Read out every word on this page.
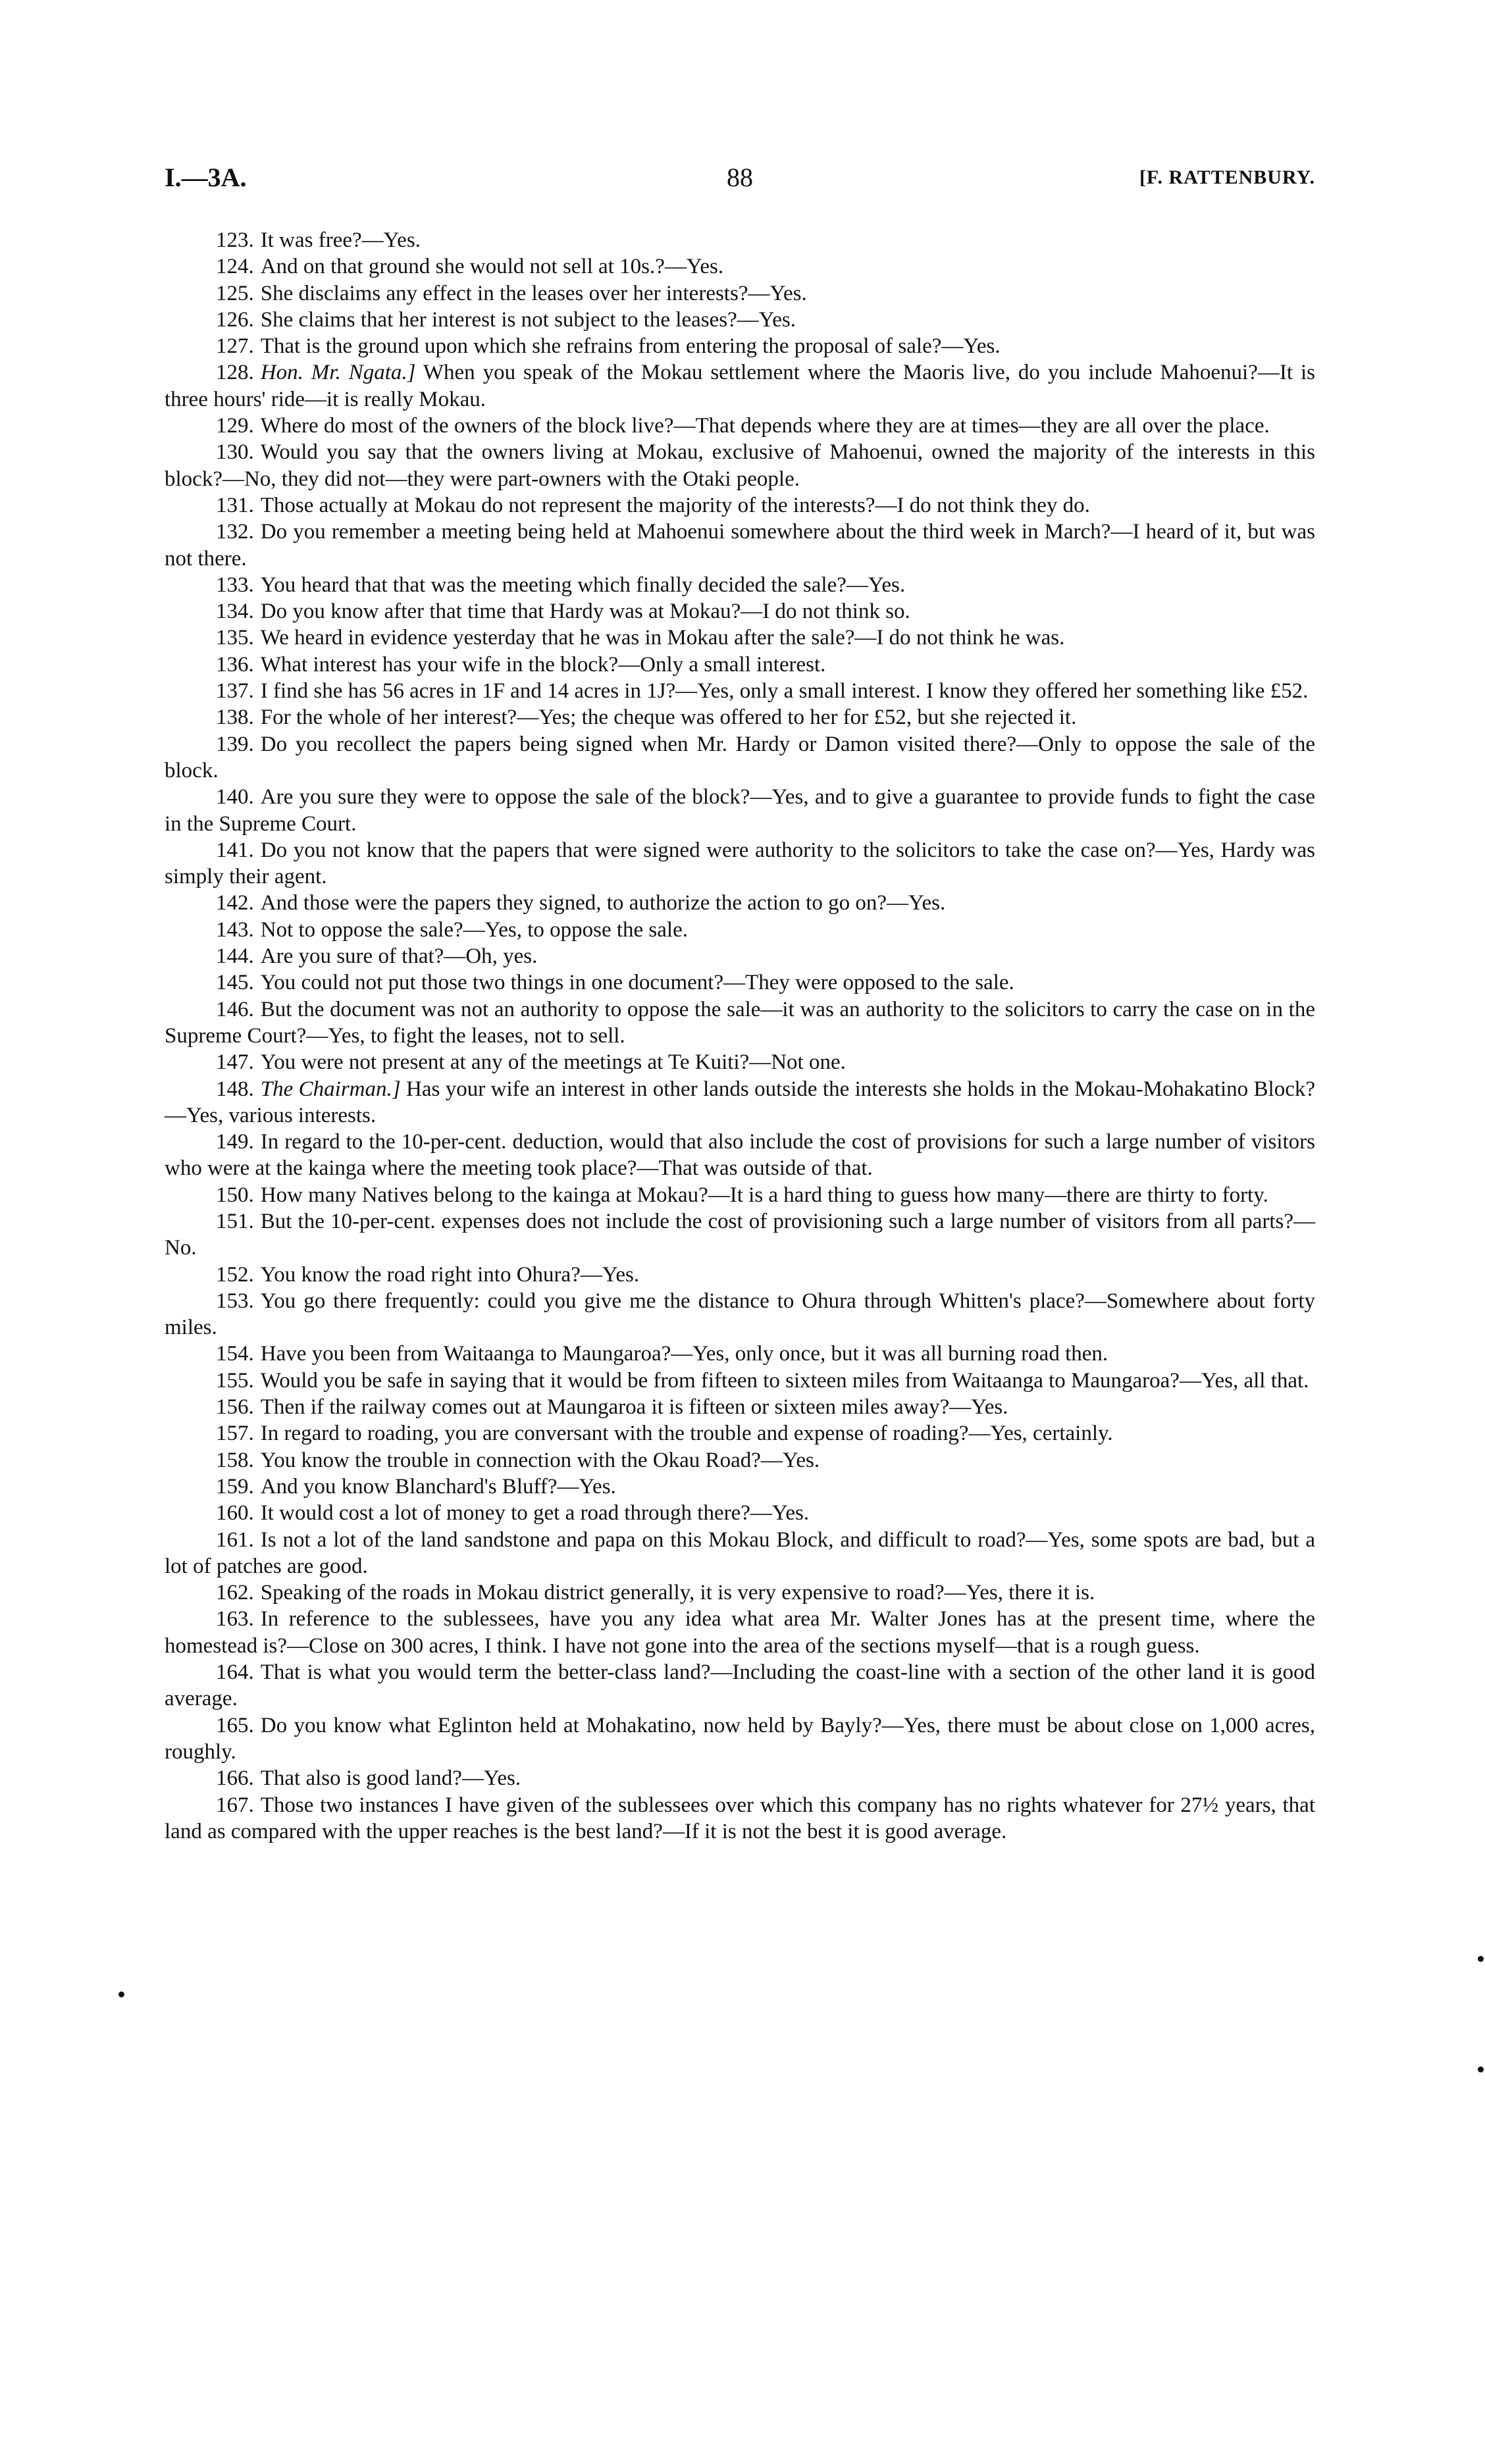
I.—3A.	88	[F. RATTENBURY.

123. It was free?—Yes.

124. And on that ground she would not sell at 10s.?—Yes.

125. She disclaims any effect in the leases over her interests?—Yes.

126. She claims that her interest is not subject to the leases?—Yes.

127. That is the ground upon which she refrains from entering the proposal of sale?—Yes.

128. Hon. Mr. Ngata.] When you speak of the Mokau settlement where the Maoris live, do you include Mahoenui?—It is three hours' ride—it is really Mokau.

129. Where do most of the owners of the block live?—That depends where they are at times—they are all over the place.

130. Would you say that the owners living at Mokau, exclusive of Mahoenui, owned the majority of the interests in this block?—No, they did not—they were part-owners with the Otaki people.

131. Those actually at Mokau do not represent the majority of the interests?—I do not think they do.

132. Do you remember a meeting being held at Mahoenui somewhere about the third week in March?—I heard of it, but was not there.

133. You heard that that was the meeting which finally decided the sale?—Yes.

134. Do you know after that time that Hardy was at Mokau?—I do not think so.

135. We heard in evidence yesterday that he was in Mokau after the sale?—I do not think he was.

136. What interest has your wife in the block?—Only a small interest.

137. I find she has 56 acres in 1F and 14 acres in 1J?—Yes, only a small interest. I know they offered her something like £52.

138. For the whole of her interest?—Yes; the cheque was offered to her for £52, but she rejected it.

139. Do you recollect the papers being signed when Mr. Hardy or Damon visited there?—Only to oppose the sale of the block.

140. Are you sure they were to oppose the sale of the block?—Yes, and to give a guarantee to provide funds to fight the case in the Supreme Court.

141. Do you not know that the papers that were signed were authority to the solicitors to take the case on?—Yes, Hardy was simply their agent.

142. And those were the papers they signed, to authorize the action to go on?—Yes.

143. Not to oppose the sale?—Yes, to oppose the sale.

144. Are you sure of that?—Oh, yes.

145. You could not put those two things in one document?—They were opposed to the sale.

146. But the document was not an authority to oppose the sale—it was an authority to the solicitors to carry the case on in the Supreme Court?—Yes, to fight the leases, not to sell.

147. You were not present at any of the meetings at Te Kuiti?—Not one.

148. The Chairman.] Has your wife an interest in other lands outside the interests she holds in the Mokau-Mohakatino Block?—Yes, various interests.

149. In regard to the 10-per-cent. deduction, would that also include the cost of provisions for such a large number of visitors who were at the kainga where the meeting took place?—That was outside of that.

150. How many Natives belong to the kainga at Mokau?—It is a hard thing to guess how many—there are thirty to forty.

151. But the 10-per-cent. expenses does not include the cost of provisioning such a large number of visitors from all parts?—No.

152. You know the road right into Ohura?—Yes.

153. You go there frequently: could you give me the distance to Ohura through Whitten's place?—Somewhere about forty miles.

154. Have you been from Waitaanga to Maungaroa?—Yes, only once, but it was all burning road then.

155. Would you be safe in saying that it would be from fifteen to sixteen miles from Waitaanga to Maungaroa?—Yes, all that.

156. Then if the railway comes out at Maungaroa it is fifteen or sixteen miles away?—Yes.

157. In regard to roading, you are conversant with the trouble and expense of roading?—Yes, certainly.

158. You know the trouble in connection with the Okau Road?—Yes.

159. And you know Blanchard's Bluff?—Yes.

160. It would cost a lot of money to get a road through there?—Yes.

161. Is not a lot of the land sandstone and papa on this Mokau Block, and difficult to road?—Yes, some spots are bad, but a lot of patches are good.

162. Speaking of the roads in Mokau district generally, it is very expensive to road?—Yes, there it is.

163. In reference to the sublessees, have you any idea what area Mr. Walter Jones has at the present time, where the homestead is?—Close on 300 acres, I think. I have not gone into the area of the sections myself—that is a rough guess.

164. That is what you would term the better-class land?—Including the coast-line with a section of the other land it is good average.

165. Do you know what Eglinton held at Mohakatino, now held by Bayly?—Yes, there must be about close on 1,000 acres, roughly.

166. That also is good land?—Yes.

167. Those two instances I have given of the sublessees over which this company has no rights whatever for 27½ years, that land as compared with the upper reaches is the best land?—If it is not the best it is good average.
